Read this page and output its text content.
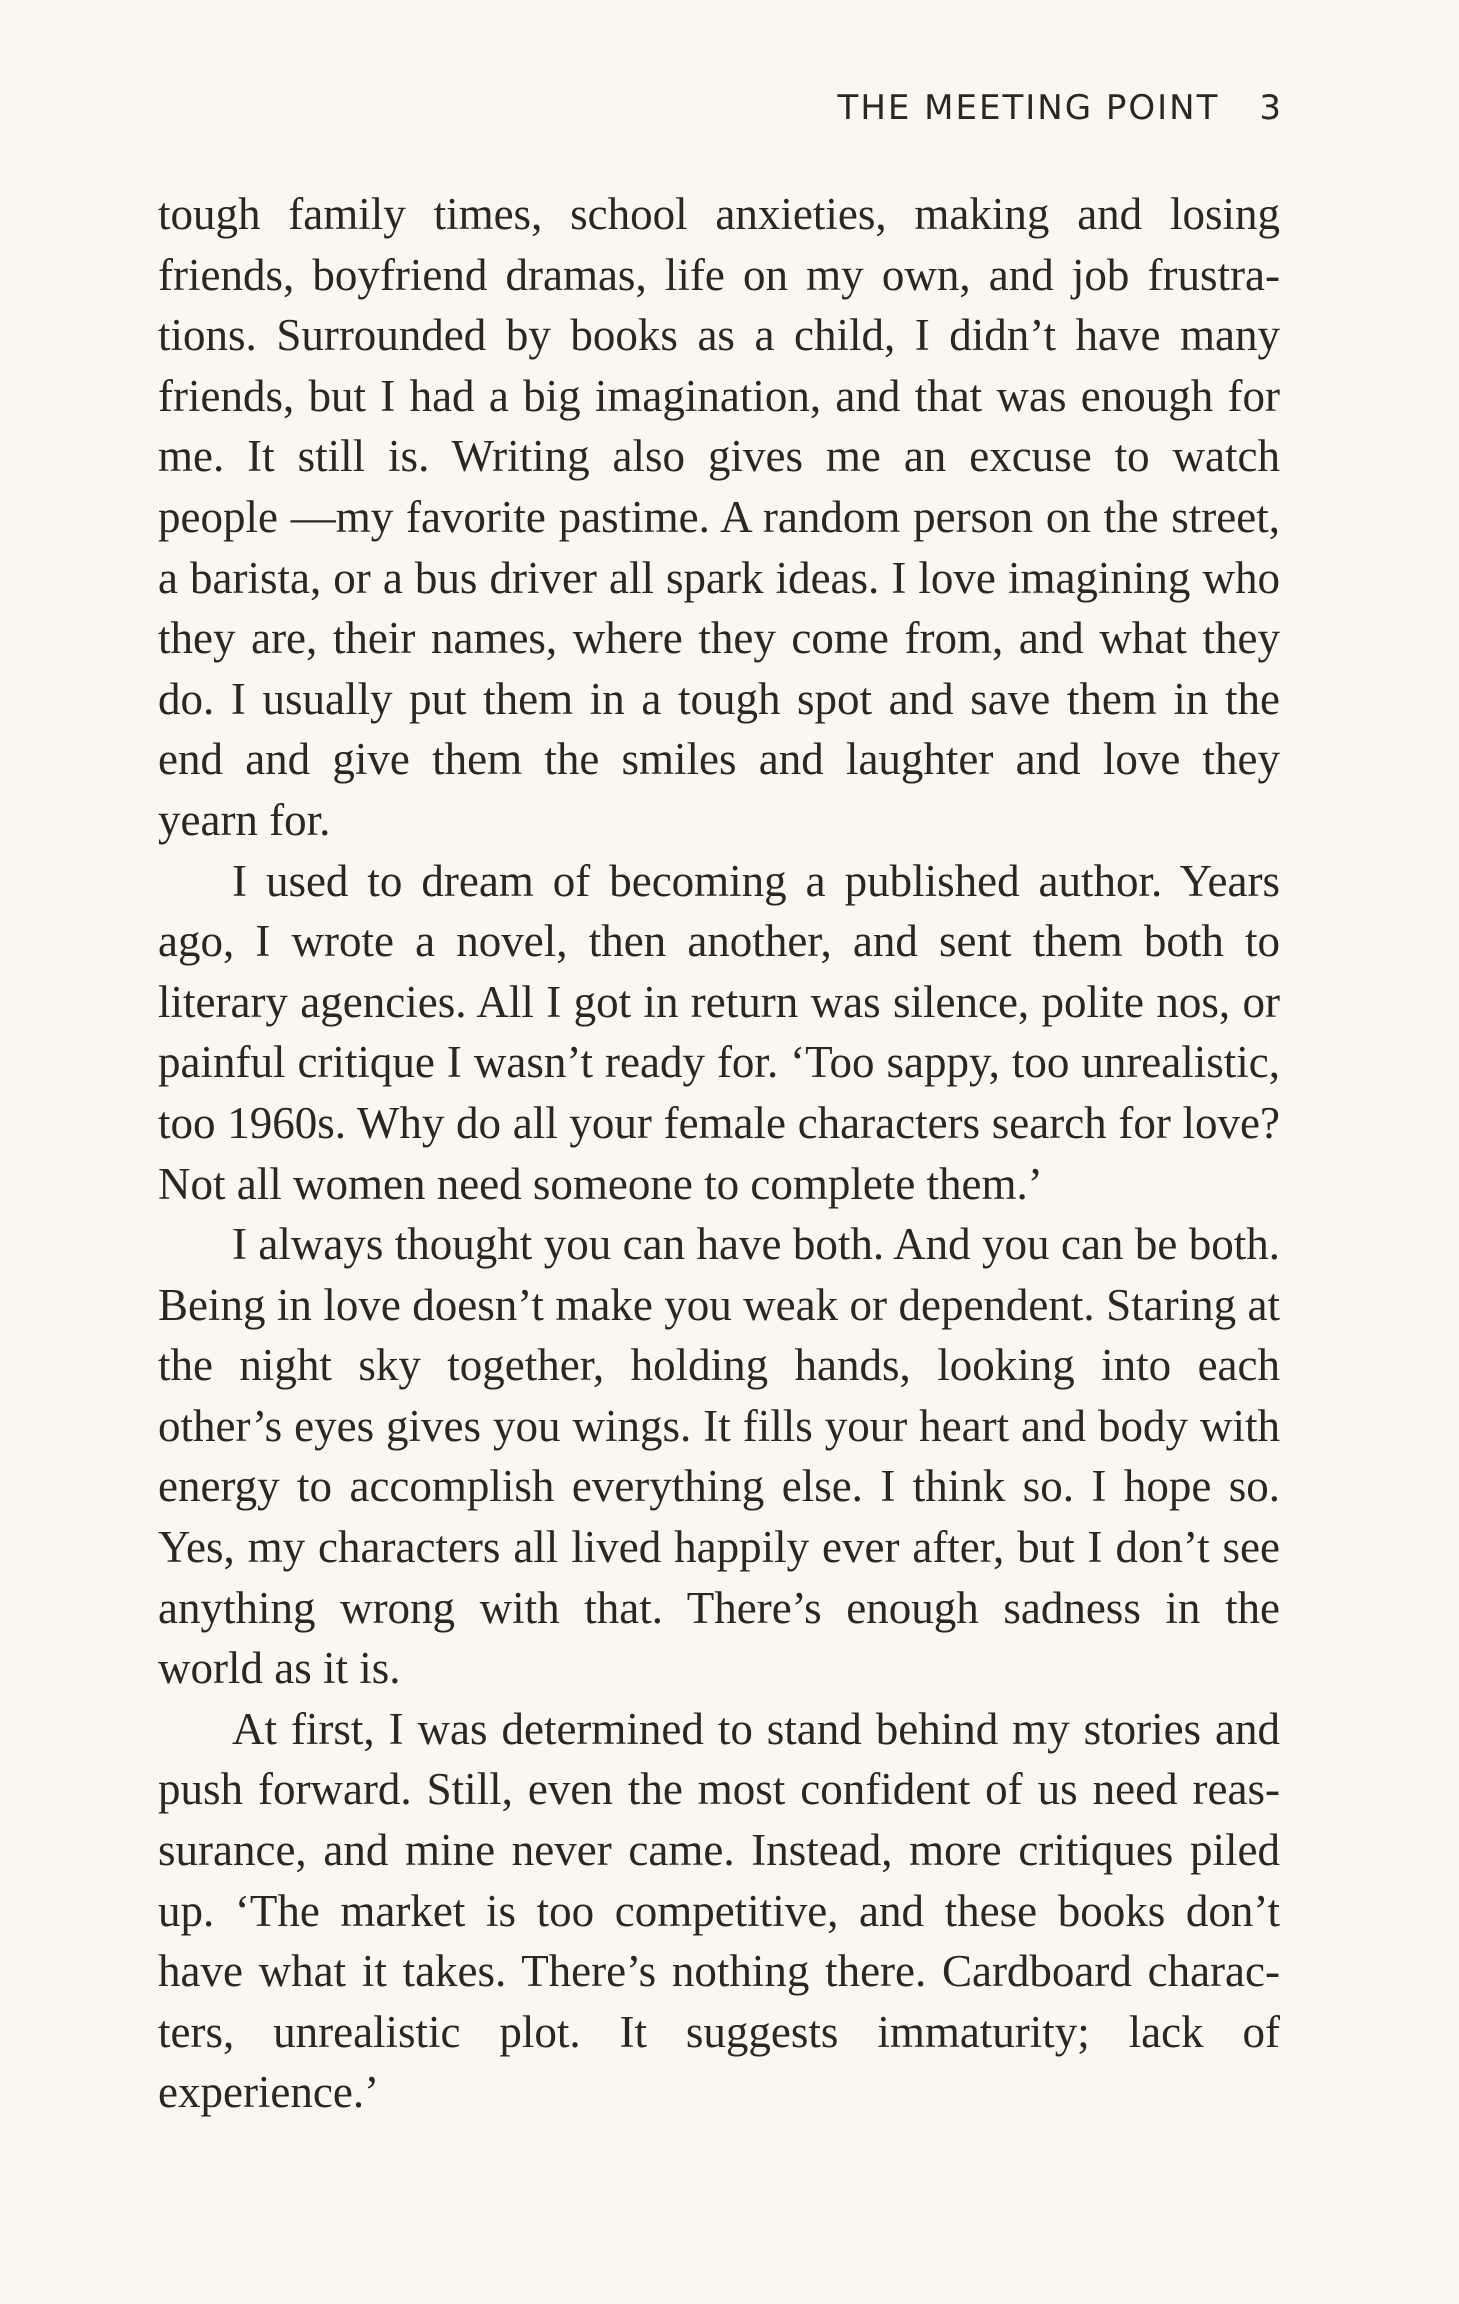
THE MEETING POINT 3

tough family times, school anxieties, making and losing friends, boyfriend dramas, life on my own, and job frustrations. Surrounded by books as a child, I didn’t have many friends, but I had a big imagination, and that was enough for me. It still is. Writing also gives me an excuse to watch people —my favorite pastime. A random person on the street, a barista, or a bus driver all spark ideas. I love imagining who they are, their names, where they come from, and what they do. I usually put them in a tough spot and save them in the end and give them the smiles and laughter and love they yearn for.

I used to dream of becoming a published author. Years ago, I wrote a novel, then another, and sent them both to literary agencies. All I got in return was silence, polite nos, or painful critique I wasn’t ready for. ‘Too sappy, too unrealistic, too 1960s. Why do all your female characters search for love? Not all women need someone to complete them.’

I always thought you can have both. And you can be both. Being in love doesn’t make you weak or dependent. Staring at the night sky together, holding hands, looking into each other’s eyes gives you wings. It fills your heart and body with energy to accomplish everything else. I think so. I hope so. Yes, my characters all lived happily ever after, but I don’t see anything wrong with that. There’s enough sadness in the world as it is.

At first, I was determined to stand behind my stories and push forward. Still, even the most confident of us need reassurance, and mine never came. Instead, more critiques piled up. ‘The market is too competitive, and these books don’t have what it takes. There’s nothing there. Cardboard characters, unrealistic plot. It suggests immaturity; lack of experience.’
